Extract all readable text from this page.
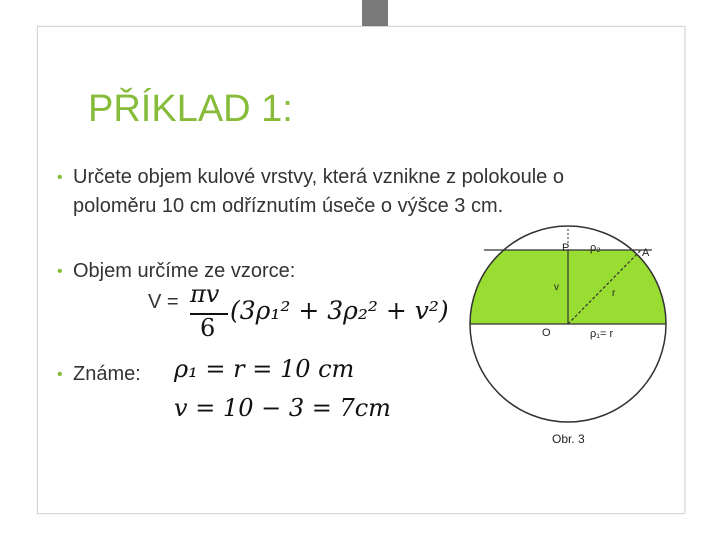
PŘÍKLAD 1:
• Určete objem kulové vrstvy, která vznikne z polokoule o
poloměru 10 cm odříznutím úseče o výšce 3 cm.
• Objem určíme ze vzorce:
V = πv
6
(3ρ₁² + 3ρ₂² + v²)
• Známe: ρ₁ = r = 10 cm
v = 10 − 3 = 7cm
P ρ₂	A
v
r
O	ρ₁= r
Obr. 3
